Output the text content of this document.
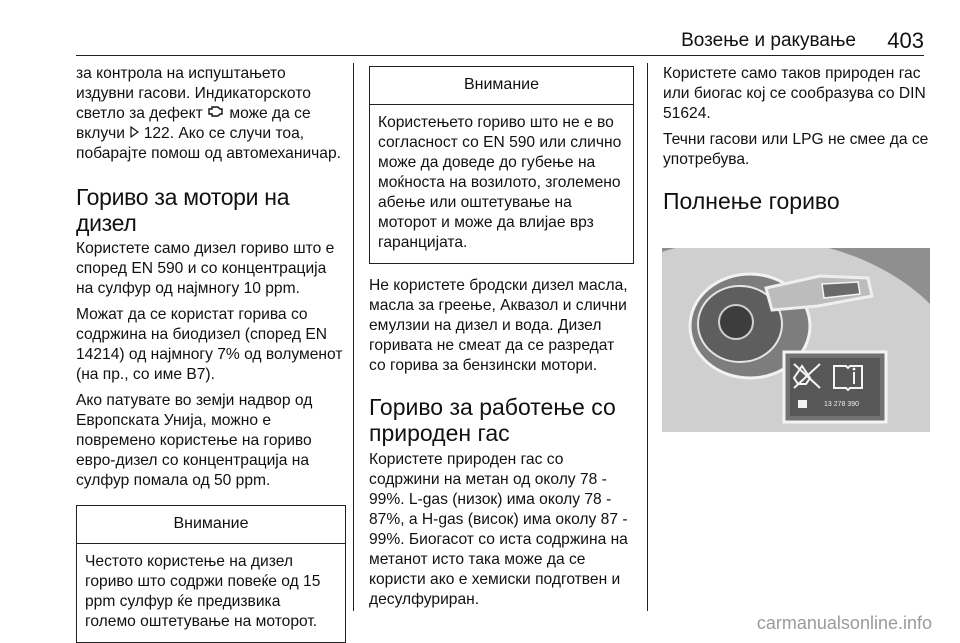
Возење и ракување 403

за контрола на испуштањето издувни гасови. Индикаторското светло за дефект може да се вклучи 122. Ако се случи тоа, побарајте помош од автомеханичар.

Гориво за мотори на дизел

Користете само дизел гориво што е според EN 590 и со концентрација на сулфур од најмногу 10 ppm.

Можат да се користат горива со содржина на биодизел (според EN 14214) од најмногу 7% од волуменот (на пр., со име B7).

Ако патувате во земји надвор од Европската Унија, можно е повремено користење на гориво евро-дизел со концентрација на сулфур помала од 50 ppm.

Внимание
Честото користење на дизел гориво што содржи повеќе од 15 ppm сулфур ќе предизвика големо оштетување на моторот.
Внимание
Користењето гориво што не е во согласност со EN 590 или слично може да доведе до губење на моќноста на возилото, зголемено абење или оштетување на моторот и може да влијае врз гаранцијата.

Не користете бродски дизел масла, масла за греење, Аквазол и слични емулзии на дизел и вода. Дизел горивата не смеат да се разредат со горива за бензински мотори.

Гориво за работење со природен гас

Користете природен гас со содржини на метан од околу 78 - 99%. L-gas (низок) има околу 78 - 87%, а H-gas (висок) има околу 87 - 99%. Биогасот со иста содржина на метанот исто така може да се користи ако е хемиски подготвен и десулфуриран.

Користете само таков природен гас или биогас кој се сообразува со DIN 51624.

Течни гасови или LPG не смее да се употребува.

Полнење гориво
13 278 390
carmanualsonline.info
